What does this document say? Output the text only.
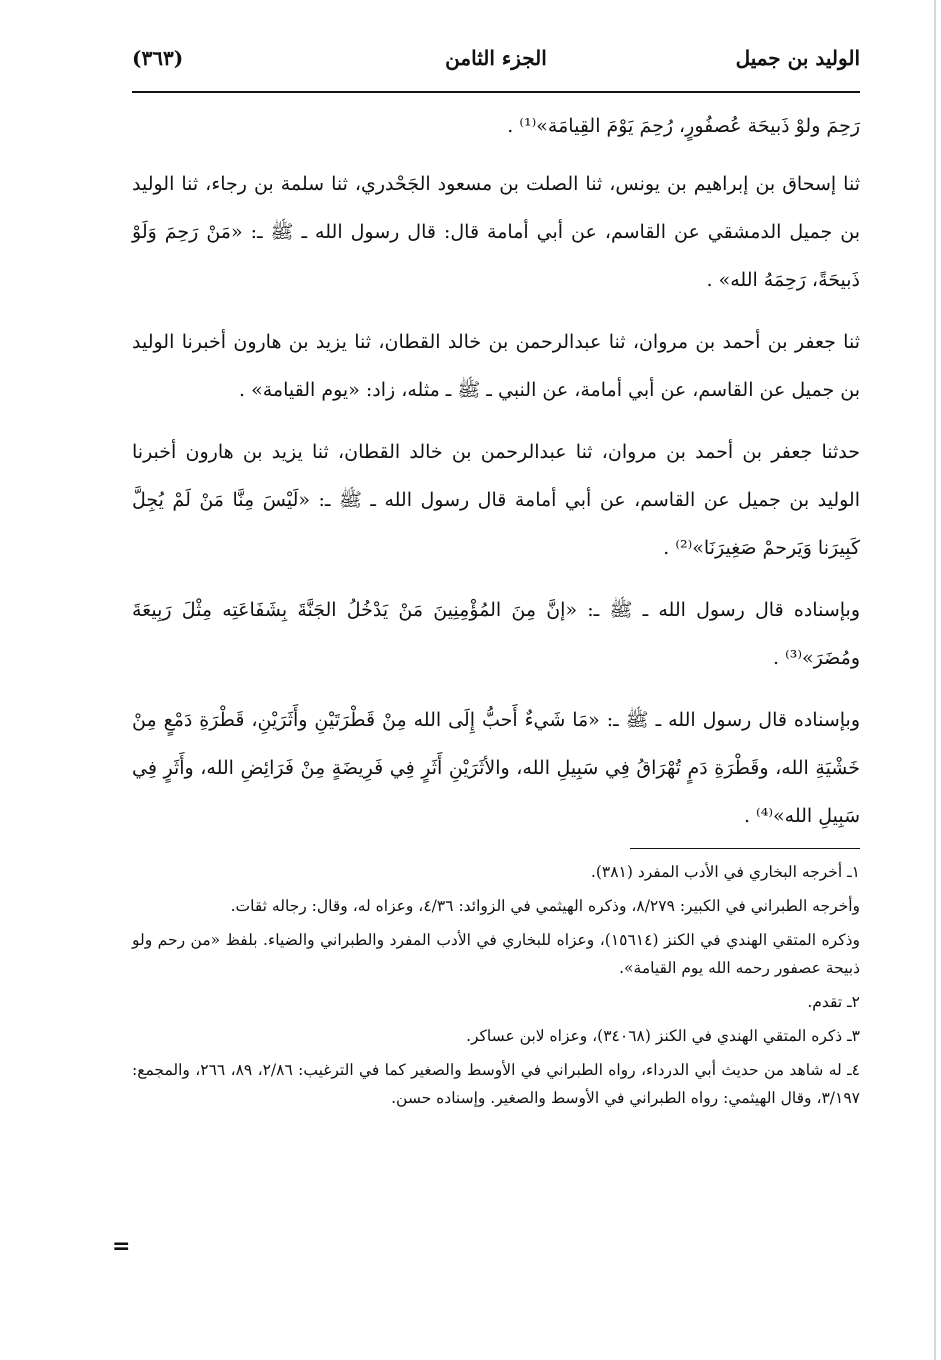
الوليد بن جميل
الجزء الثامن
(٣٦٣)

رَحِمَ ولوْ ذَبيحَة عُصفُورٍ، رُحِمَ يَوْمَ القِيامَة»⁽¹⁾ .

ثنا إسحاق بن إبراهيم بن يونس، ثنا الصلت بن مسعود الجَحْدري، ثنا سلمة بن رجاء، ثنا الوليد بن جميل الدمشقي عن القاسم، عن أبي أمامة قال: قال رسول الله ـ ﷺ ـ: «مَنْ رَحِمَ وَلَوْ ذَبيحَةً، رَحِمَهُ الله» .

ثنا جعفر بن أحمد بن مروان، ثنا عبدالرحمن بن خالد القطان، ثنا يزيد بن هارون أخبرنا الوليد بن جميل عن القاسم، عن أبي أمامة، عن النبي ـ ﷺ ـ مثله، زاد: «يوم القيامة» .

حدثنا جعفر بن أحمد بن مروان، ثنا عبدالرحمن بن خالد القطان، ثنا يزيد بن هارون أخبرنا الوليد بن جميل عن القاسم، عن أبي أمامة قال رسول الله ـ ﷺ ـ: «لَيْسَ مِنَّا مَنْ لَمْ يُجِلَّ كَبِيرَنا وَيَرحمْ صَغِيرَنَا»⁽²⁾ .

وبإسناده قال رسول الله ـ ﷺ ـ: «إنَّ مِنَ المُؤْمِنِينَ مَنْ يَدْخُلُ الجَنَّةَ بِشَفَاعَتِه مِثْلَ رَبِيعَةَ ومُضَرَ»⁽³⁾ .

وبإسناده قال رسول الله ـ ﷺ ـ: «مَا شَيءٌ أَحبُّ إِلَى الله مِنْ قَطْرَتَيْنِ وأَثَرَيْنِ، قَطْرَةِ دَمْعٍ مِنْ خَشْيَةِ الله، وقَطْرَةِ دَمٍ تُهْرَاقُ فِي سَبِيلِ الله، والأثَرَيْنِ أَثَرٍ فِي فَرِيضَةٍ مِنْ فَرَائِضِ الله، وأَثَرٍ فِي سَبِيلِ الله»⁽⁴⁾ .

١ـ أخرجه البخاري في الأدب المفرد (٣٨١).

وأخرجه الطبراني في الكبير: ٨/٢٧٩، وذكره الهيثمي في الزوائد: ٤/٣٦، وعزاه له، وقال: رجاله ثقات.

وذكره المتقي الهندي في الكنز (١٥٦١٤)، وعزاه للبخاري في الأدب المفرد والطبراني والضياء. بلفظ «من رحم ولو ذبيحة عصفور رحمه الله يوم القيامة».

٢ـ تقدم.

٣ـ ذكره المتقي الهندي في الكنز (٣٤٠٦٨)، وعزاه لابن عساكر.

٤ـ له شاهد من حديث أبي الدرداء، رواه الطبراني في الأوسط والصغير كما في الترغيب: ٢/٨٦، ٨٩، ٢٦٦، والمجمع: ٣/١٩٧، وقال الهيثمي: رواه الطبراني في الأوسط والصغير. وإسناده حسن.

=
